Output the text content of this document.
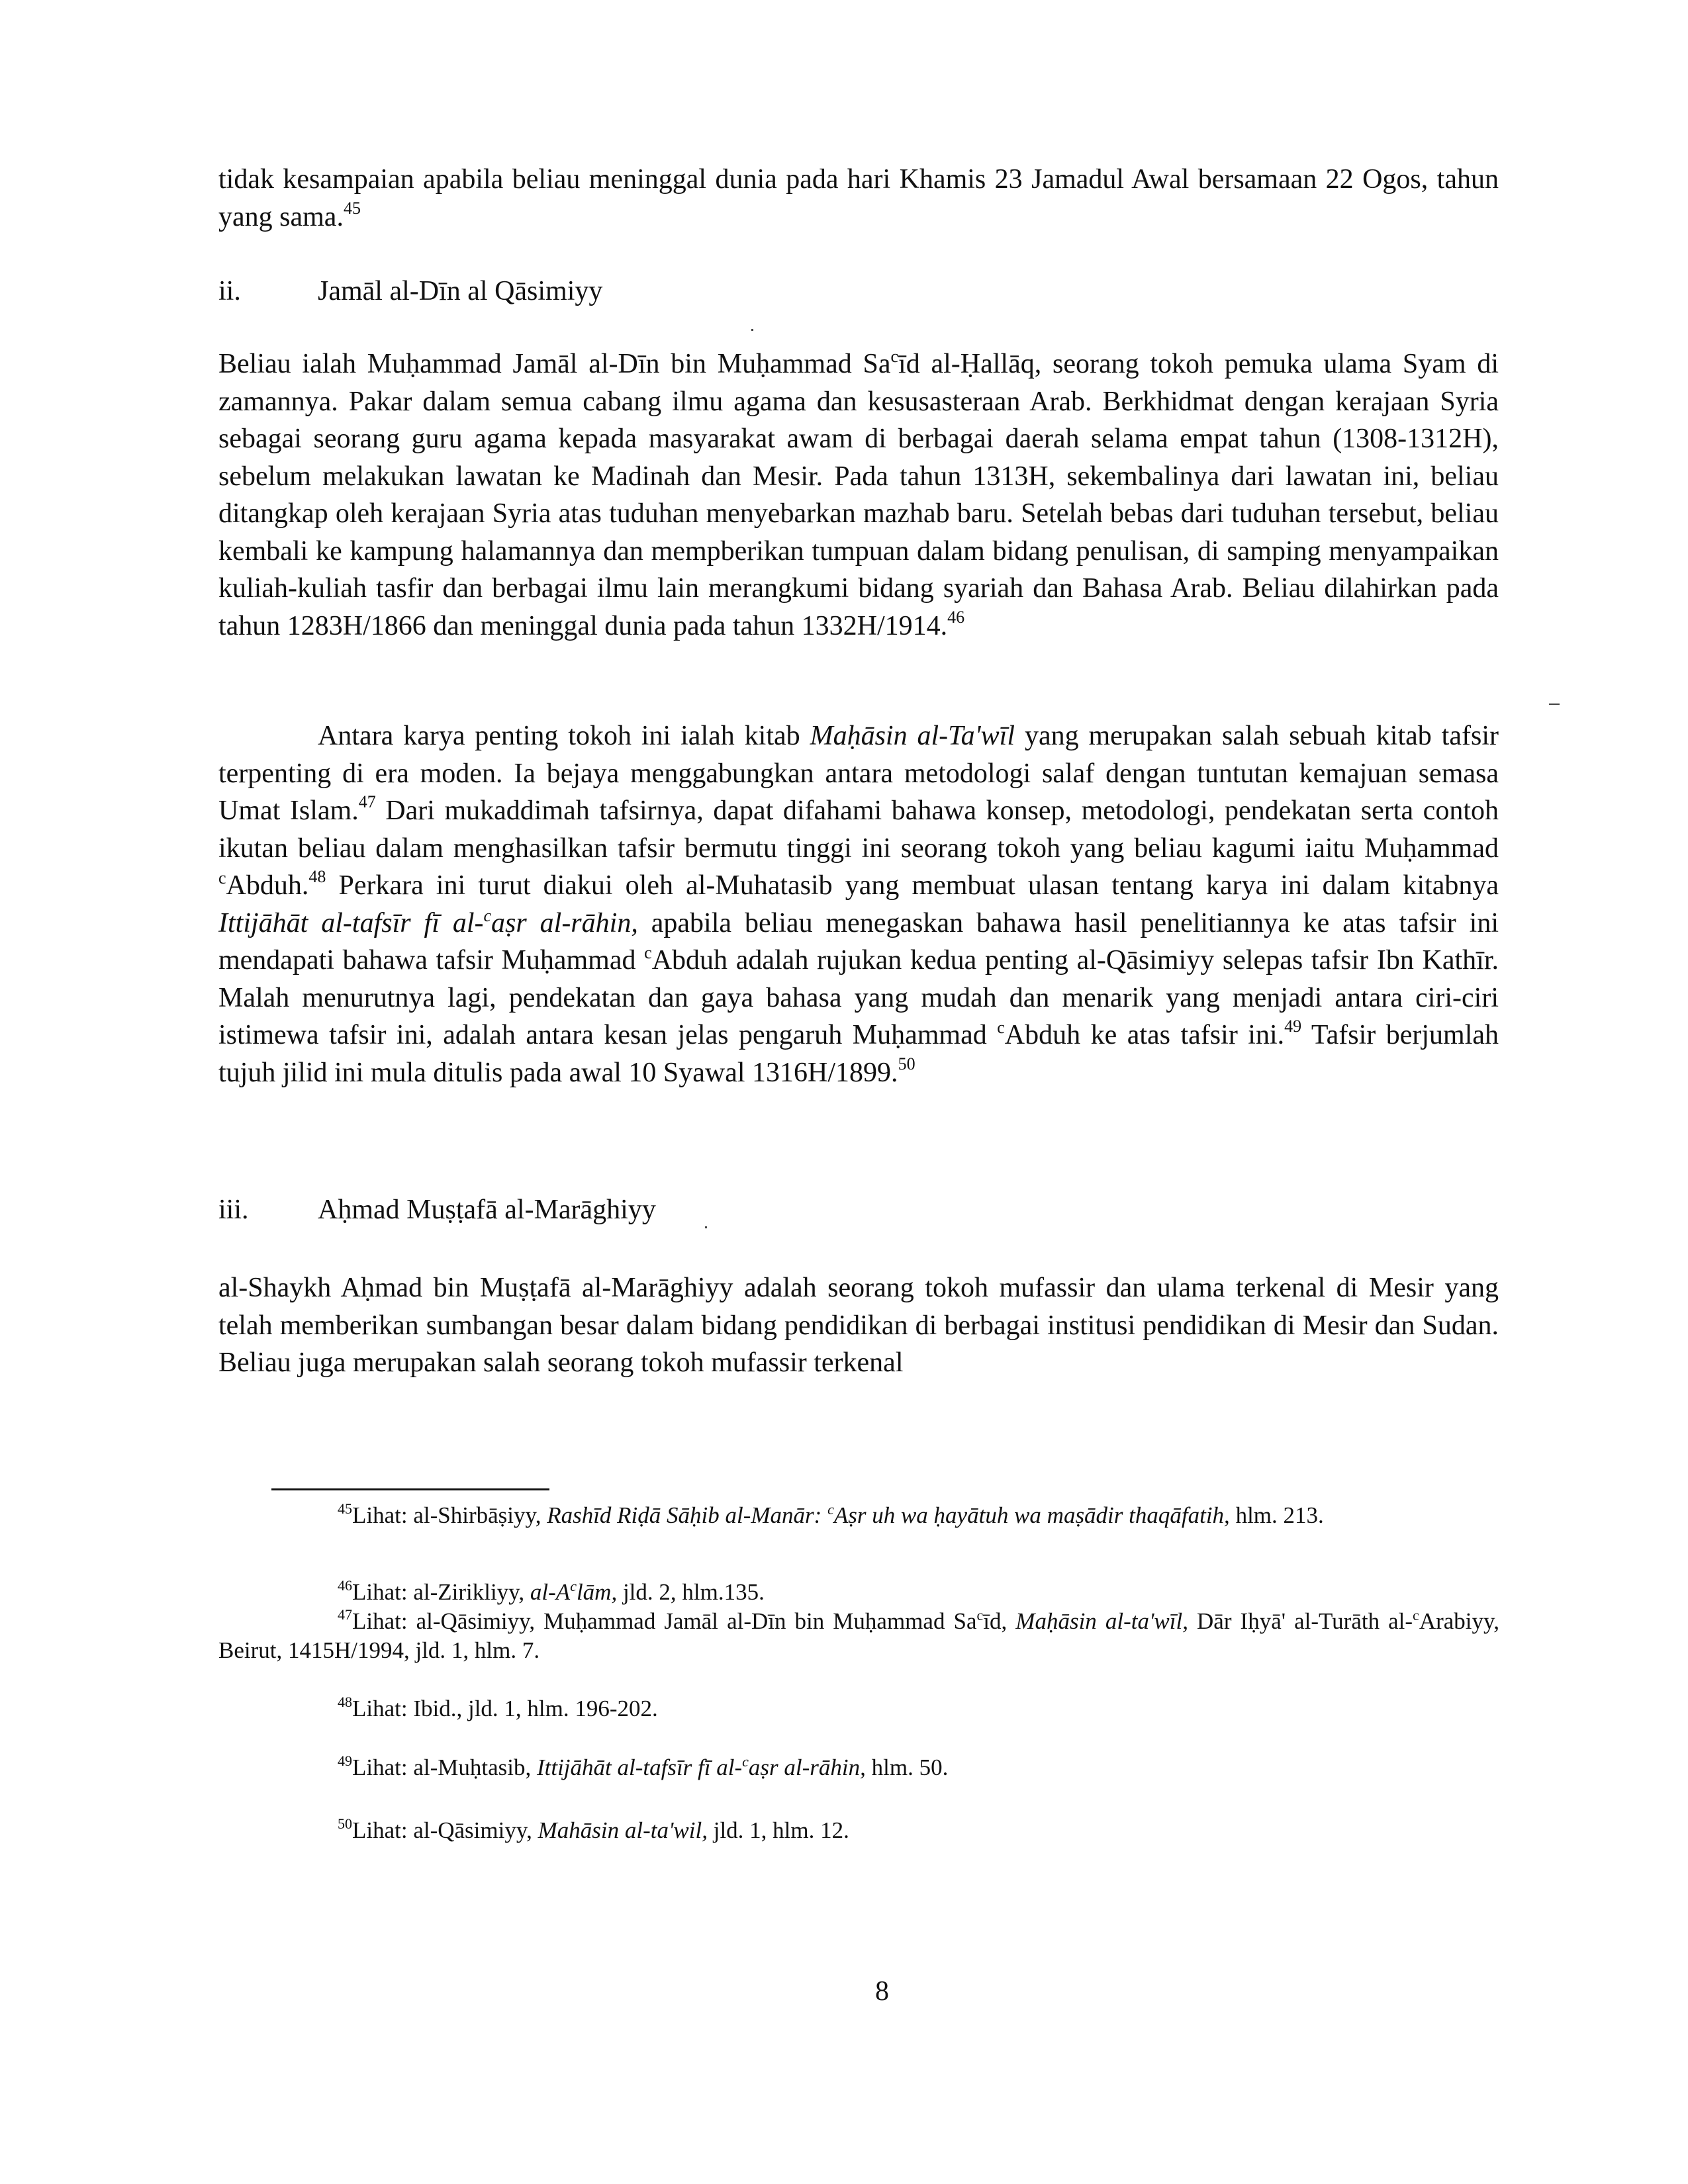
tidak kesampaian apabila beliau meninggal dunia pada hari Khamis 23 Jamadul Awal bersamaan 22 Ogos, tahun yang sama.$^{45}$

ii.	Jamāl al-Dīn al Qāsimiyy

Beliau ialah Muḥammad Jamāl al-Dīn bin Muḥammad Sa$^c$īd al-Ḥallāq, seorang tokoh pemuka ulama Syam di zamannya. Pakar dalam semua cabang ilmu agama dan kesusasteraan Arab. Berkhidmat dengan kerajaan Syria sebagai seorang guru agama kepada masyarakat awam di berbagai daerah selama empat tahun (1308-1312H), sebelum melakukan lawatan ke Madinah dan Mesir. Pada tahun 1313H, sekembalinya dari lawatan ini, beliau ditangkap oleh kerajaan Syria atas tuduhan menyebarkan mazhab baru. Setelah bebas dari tuduhan tersebut, beliau kembali ke kampung halamannya dan mempberikan tumpuan dalam bidang penulisan, di samping menyampaikan kuliah-kuliah tasfir dan berbagai ilmu lain merangkumi bidang syariah dan Bahasa Arab. Beliau dilahirkan pada tahun 1283H/1866 dan meninggal dunia pada tahun 1332H/1914.46

Antara karya penting tokoh ini ialah kitab Maḥāsin al-Ta'wīl yang merupakan salah sebuah kitab tafsir terpenting di era moden. Ia bejaya menggabungkan antara metodologi salaf dengan tuntutan kemajuan semasa Umat Islam.$^{47}$ Dari mukaddimah tafsirnya, dapat difahami bahawa konsep, metodologi, pendekatan serta contoh ikutan beliau dalam menghasilkan tafsir bermutu tinggi ini seorang tokoh yang beliau kagumi iaitu Muḥammad $^c$Abduh.$^{48}$ Perkara ini turut diakui oleh al-Muhatasib yang membuat ulasan tentang karya ini dalam kitabnya Ittijāhāt al-tafsīr fī al-$^c$aṣr al-rāhin, apabila beliau menegaskan bahawa hasil penelitiannya ke atas tafsir ini mendapati bahawa tafsir Muḥammad $^c$Abduh adalah rujukan kedua penting al-Qāsimiyy selepas tafsir Ibn Kathīr. Malah menurutnya lagi, pendekatan dan gaya bahasa yang mudah dan menarik yang menjadi antara ciri-ciri istimewa tafsir ini, adalah antara kesan jelas pengaruh Muḥammad $^c$Abduh ke atas tafsir ini.$^{49}$ Tafsir berjumlah tujuh jilid ini mula ditulis pada awal 10 Syawal 1316H/1899.50

iii. Aḥmad Muṣṭafā al-Marāghiyy

al-Shaykh Aḥmad bin Muṣṭafā al-Marāghiyy adalah seorang tokoh mufassir dan ulama terkenal di Mesir yang telah memberikan sumbangan besar dalam bidang pendidikan di berbagai institusi pendidikan di Mesir dan Sudan. Beliau juga merupakan salah seorang tokoh mufassir terkenal

$^{45}$Lihat: al-Shirbāṣiyy, Rashīd Riḍā Sāḥib al-Manār: $^c$Aṣr uh wa ḥayātuh wa maṣādir thaqāfatih, hlm. 213.
$^{46}$Lihat: al-Zirikliyy, $al-A^clām$, jld. 2, hlm.135.
$^{47}$Lihat: al-Qāsimiyy, Muḥammad Jamāl al-Dīn bin Muḥammad Sa$^c$īd, Maḥāsin al-ta'wīl, Dār Iḥyā' al-Turāth al-$^c$Arabiyy, Beirut, 1415H/1994, jld. 1, hlm. 7.
$^{48}$Lihat: Ibid., jld. 1, hlm. 196-202.
$^{49}$Lihat: al-Muḥtasib, Ittijāhāt al-tafsīr fī al-$^c$aṣr al-rāhin, hlm. 50.
$^{50}$Lihat: al-Qāsimiyy, Mahāsin al-ta'wil, jld. 1, hlm. 12.
8
